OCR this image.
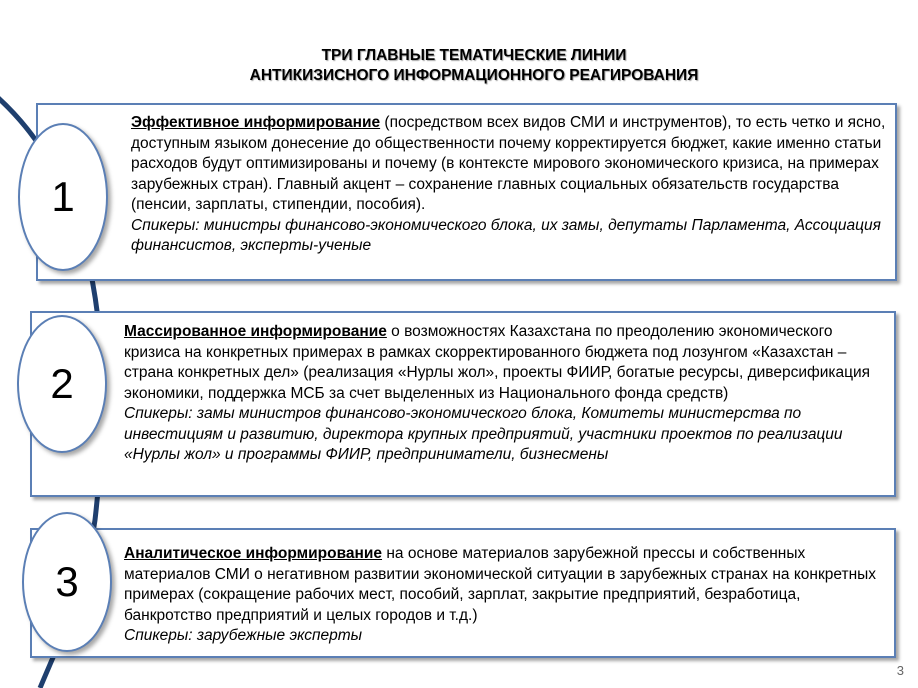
ТРИ ГЛАВНЫЕ ТЕМАТИЧЕСКИЕ ЛИНИИ
АНТИКИЗИСНОГО ИНФОРМАЦИОННОГО РЕАГИРОВАНИЯ
Эффективное информирование (посредством всех видов СМИ и инструментов), то есть четко и ясно, доступным языком донесение до общественности почему корректируется бюджет, какие именно статьи расходов будут оптимизированы и почему (в контексте мирового экономического кризиса, на примерах зарубежных стран). Главный акцент – сохранение главных социальных обязательств государства (пенсии, зарплаты, стипендии, пособия).
Спикеры: министры финансово-экономического блока, их замы, депутаты Парламента, Ассоциация финансистов, эксперты-ученые
Массированное информирование о возможностях Казахстана по преодолению экономического кризиса на конкретных примерах в рамках скорректированного бюджета под лозунгом «Казахстан – страна конкретных дел» (реализация «Нурлы жол», проекты ФИИР, богатые ресурсы, диверсификация экономики, поддержка МСБ за счет выделенных из Национального фонда средств)
Спикеры: замы министров финансово-экономического блока, Комитеты министерства по инвестициям и развитию, директора крупных предприятий, участники проектов по реализации «Нурлы жол» и программы ФИИР, предприниматели, бизнесмены
Аналитическое информирование на основе материалов зарубежной прессы и собственных материалов СМИ о негативном развитии экономической ситуации в зарубежных странах на конкретных примерах (сокращение рабочих мест, пособий, зарплат, закрытие предприятий, безработица, банкротство предприятий и целых городов и т.д.)
Спикеры: зарубежные эксперты
1
2
3
3
